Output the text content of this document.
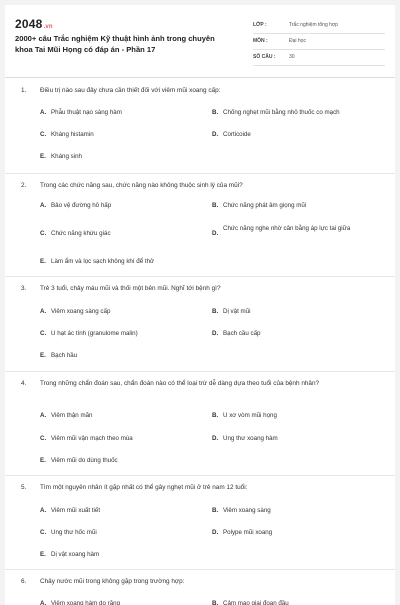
2048.vn
2000+ câu Trắc nghiệm Kỹ thuật hình ảnh trong chuyên khoa Tai Mũi Họng có đáp án - Phần 17
LỚP :	Trắc nghiệm tổng hợp
MÔN :	Đại học
SỐ CÂU :	30
1. Điều trị nào sau đây chưa cần thiết đối với viêm mũi xoang cấp:
A. Phẫu thuật nạo sàng hàm	B. Chống nghẹt mũi bằng nhỏ thuốc co mạch
C. Kháng histamin	D. Corticoide
E. Kháng sinh
2. Trong các chức năng sau, chức năng nào không thuộc sinh lý của mũi?
A. Bảo vệ đường hô hấp	B. Chức năng phát âm giọng mũi
C. Chức năng khứu giác	D.Chức năng nghe nhờ cân bằng áp lực tai giữa
E. Làm ẩm và lọc sạch không khí để thở
3. Trẻ 3 tuổi, chảy máu mũi và thối một bên mũi. Nghĩ tới bệnh gì?
A. Viêm xoang sàng cấp	B. Dị vật mũi
C. U hạt ác tính (granulome malin)	D. Bạch cầu cấp
E. Bạch hầu
4. Trong những chẩn đoán sau, chẩn đoán nào có thể loại trừ dễ dàng dựa theo tuổi của bệnh nhân?
A. Viêm thận mãn	B. U xơ vòm mũi họng
C. Viêm mũi vận mạch theo mùa	D. Ung thư xoang hàm
E. Viêm mũi do dùng thuốc
5. Tìm một nguyên nhân ít gặp nhất có thể gây nghẹt mũi ở trẻ nam 12 tuổi:
A. Viêm mũi xuất tiết	B. Viêm xoang sàng
C. Ung thư hốc mũi	D. Polype mũi xoang
E. Dị vật xoang hàm
6. Chảy nước mũi trong không gặp trong trường hợp:
A. Viêm xoang hàm do răng	B. Cảm mạo giai đoạn đầu
